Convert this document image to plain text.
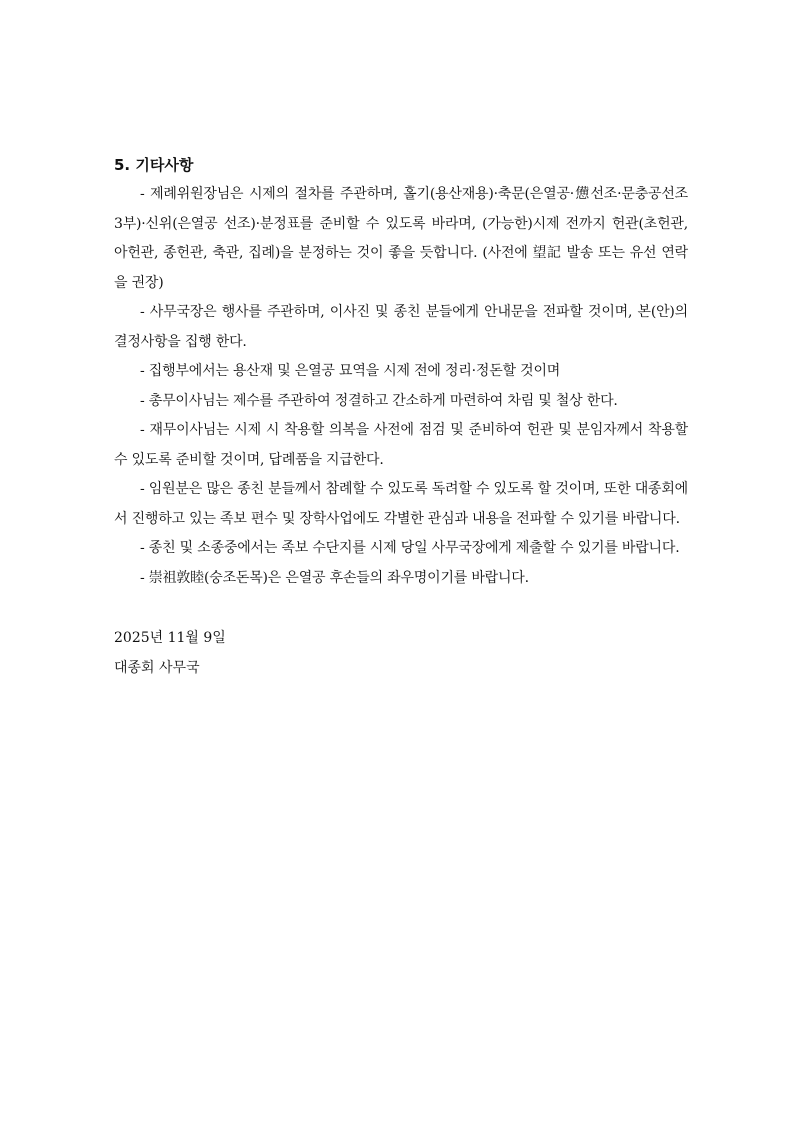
5. 기타사항

- 제례위원장님은 시제의 절차를 주관하며, 홀기(용산재용)·축문(은열공·憊선조·문충공선조 3부)·신위(은열공 선조)·분정표를 준비할 수 있도록 바라며, (가능한)시제 전까지 헌관(초헌관, 아헌관, 종헌관, 축관, 집례)을 분정하는 것이 좋을 듯합니다. (사전에 望記 발송 또는 유선 연락을 권장)

- 사무국장은 행사를 주관하며, 이사진 및 종친 분들에게 안내문을 전파할 것이며, 본(안)의 결정사항을 집행 한다.

- 집행부에서는 용산재 및 은열공 묘역을 시제 전에 정리·정돈할 것이며

- 총무이사님는 제수를 주관하여 정결하고 간소하게 마련하여 차림 및 철상 한다.

- 재무이사님는 시제 시 착용할 의복을 사전에 점검 및 준비하여 헌관 및 분임자께서 착용할 수 있도록 준비할 것이며, 답례품을 지급한다.

- 임원분은 많은 종친 분들께서 참례할 수 있도록 독려할 수 있도록 할 것이며, 또한 대종회에서 진행하고 있는 족보 편수 및 장학사업에도 각별한 관심과 내용을 전파할 수 있기를 바랍니다.

- 종친 및 소종중에서는 족보 수단지를 시제 당일 사무국장에게 제출할 수 있기를 바랍니다.

- 崇祖敦睦(숭조돈목)은 은열공 후손들의 좌우명이기를 바랍니다.

2025년 11월 9일

대종회 사무국
